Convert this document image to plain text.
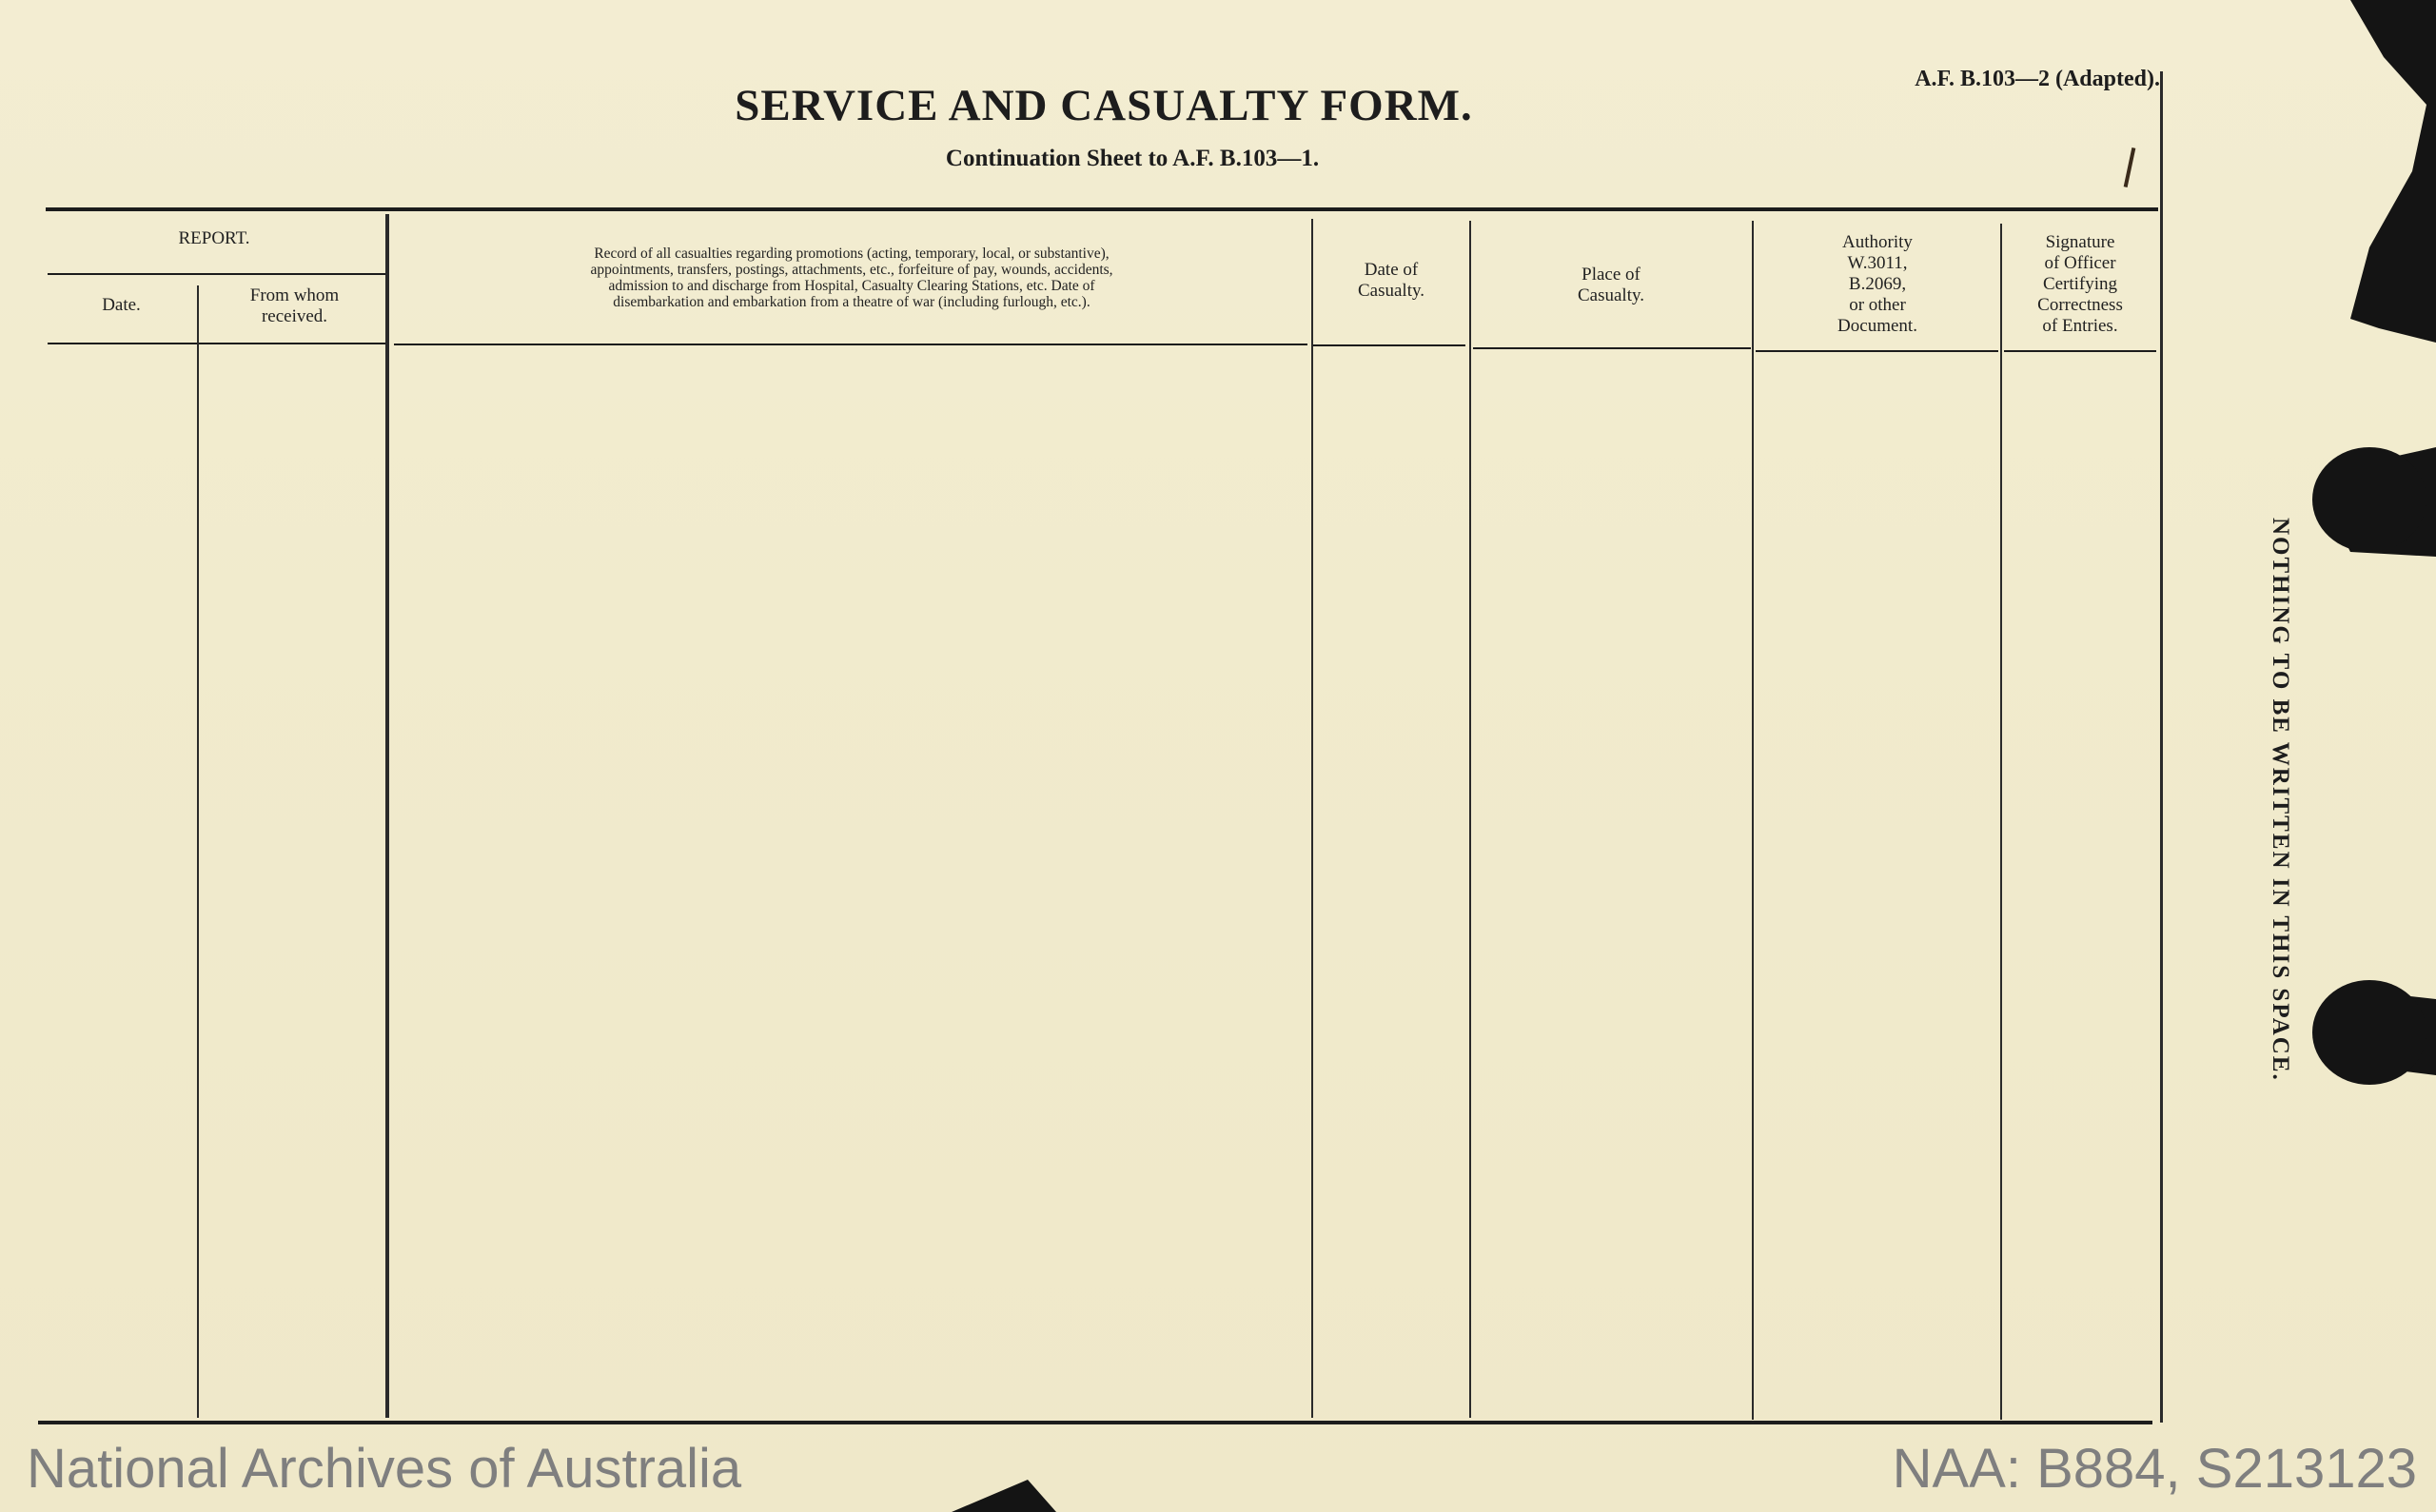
SERVICE AND CASUALTY FORM.
Continuation Sheet to A.F. B.103—1.
A.F. B.103—2 (Adapted).
REPORT.
Date.	From whom
received.
Record of all casualties regarding promotions (acting, temporary, local, or substantive),
appointments, transfers, postings, attachments, etc., forfeiture of pay, wounds, accidents,
admission to and discharge from Hospital, Casualty Clearing Stations, etc. Date of
disembarkation and embarkation from a theatre of war (including furlough, etc.).
Date of
Casualty.
Place of
Casualty.
Authority
W.3011,
B.2069,
or other
Document.
Signature
of Officer
Certifying
Correctness
of Entries.
NOTHING TO BE WRITTEN IN THIS SPACE.
National Archives of Australia	NAA: B884, S213123
